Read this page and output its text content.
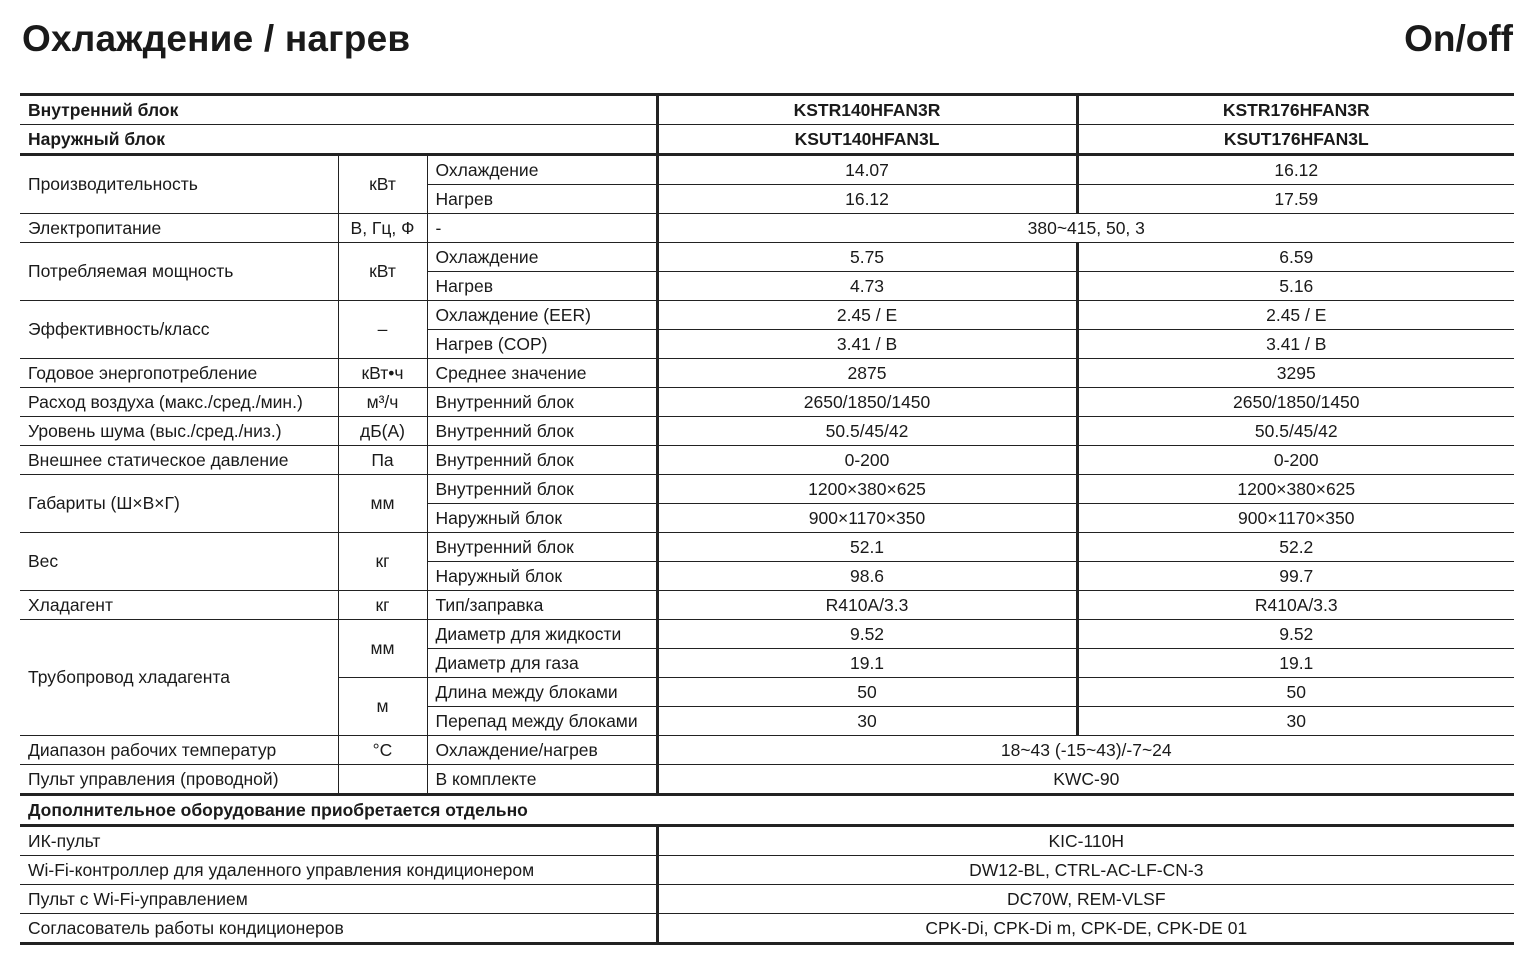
Охлаждение / нагрев	On/off
Внутренний блок			KSTR140HFAN3R	KSTR176HFAN3R
Наружный блок			KSUT140HFAN3L	KSUT176HFAN3L
Производительность	кВт	Охлаждение	14.07	16.12
		Нагрев	16.12	17.59
Электропитание	В, Гц, Ф	-	380~415, 50, 3	
Потребляемая мощность	кВт	Охлаждение	5.75	6.59
		Нагрев	4.73	5.16
Эффективность/класс	–	Охлаждение (EER)	2.45 / E	2.45 / E
		Нагрев (COP)	3.41 / B	3.41 / B
Годовое энергопотребление	кВт•ч	Среднее значение	2875	3295
Расход воздуха (макс./сред./мин.)	м³/ч	Внутренний блок	2650/1850/1450	2650/1850/1450
Уровень шума (выс./сред./низ.)	дБ(А)	Внутренний блок	50.5/45/42	50.5/45/42
Внешнее статическое давление	Па	Внутренний блок	0-200	0-200
Габариты (Ш×В×Г)	мм	Внутренний блок	1200×380×625	1200×380×625
		Наружный блок	900×1170×350	900×1170×350
Вес	кг	Внутренний блок	52.1	52.2
		Наружный блок	98.6	99.7
Хладагент	кг	Тип/заправка	R410A/3.3	R410A/3.3
Трубопровод хладагента	мм	Диаметр для жидкости	9.52	9.52
		Диаметр для газа	19.1	19.1
	м	Длина между блоками	50	50
		Перепад между блоками	30	30
Диапазон рабочих температур	°C	Охлаждение/нагрев	18~43 (-15~43)/-7~24	
Пульт управления (проводной)		В комплекте	KWC-90	
Дополнительное оборудование приобретается отдельно				
ИК-пульт			KIC-110H	
Wi-Fi-контроллер для удаленного управления кондиционером			DW12-BL, CTRL-AC-LF-CN-3	
Пульт с Wi-Fi-управлением			DC70W, REM-VLSF	
Согласователь работы кондиционеров			CPK-Di, CPK-Di m, CPK-DE, CPK-DE 01	
